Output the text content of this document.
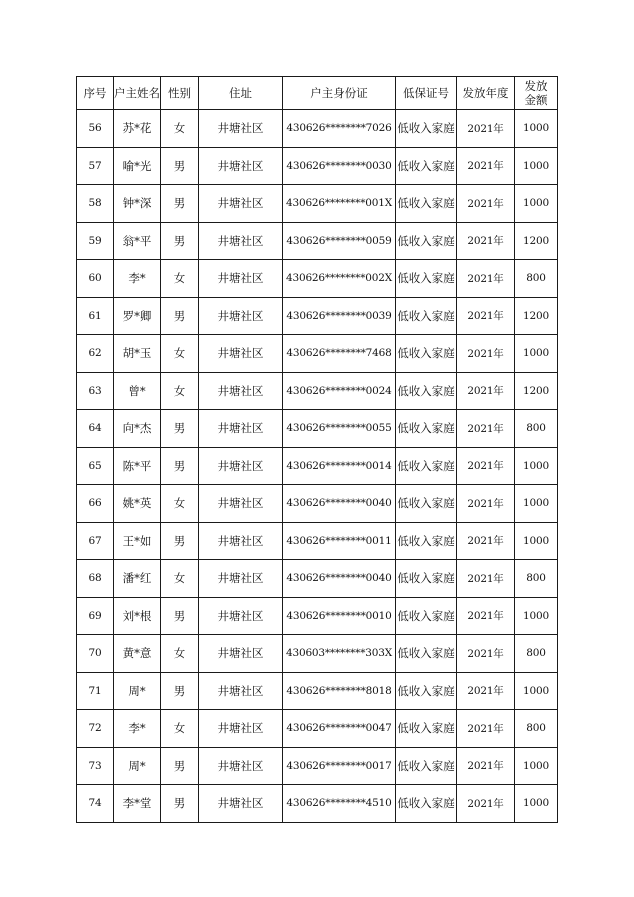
序号	户主姓名	性别	住址	户主身份证	低保证号	发放年度	发放
金额
56	苏*花	女	井塘社区	430626********7026	低收入家庭	2021年	1000
57	喻*光	男	井塘社区	430626********0030	低收入家庭	2021年	1000
58	钟*深	男	井塘社区	430626********001X	低收入家庭	2021年	1000
59	翁*平	男	井塘社区	430626********0059	低收入家庭	2021年	1200
60	李*	女	井塘社区	430626********002X	低收入家庭	2021年	800
61	罗*卿	男	井塘社区	430626********0039	低收入家庭	2021年	1200
62	胡*玉	女	井塘社区	430626********7468	低收入家庭	2021年	1000
63	曾*	女	井塘社区	430626********0024	低收入家庭	2021年	1200
64	向*杰	男	井塘社区	430626********0055	低收入家庭	2021年	800
65	陈*平	男	井塘社区	430626********0014	低收入家庭	2021年	1000
66	姚*英	女	井塘社区	430626********0040	低收入家庭	2021年	1000
67	王*如	男	井塘社区	430626********0011	低收入家庭	2021年	1000
68	潘*红	女	井塘社区	430626********0040	低收入家庭	2021年	800
69	刘*根	男	井塘社区	430626********0010	低收入家庭	2021年	1000
70	黄*意	女	井塘社区	430603********303X	低收入家庭	2021年	800
71	周*	男	井塘社区	430626********8018	低收入家庭	2021年	1000
72	李*	女	井塘社区	430626********0047	低收入家庭	2021年	800
73	周*	男	井塘社区	430626********0017	低收入家庭	2021年	1000
74	李*堂	男	井塘社区	430626********4510	低收入家庭	2021年	1000
